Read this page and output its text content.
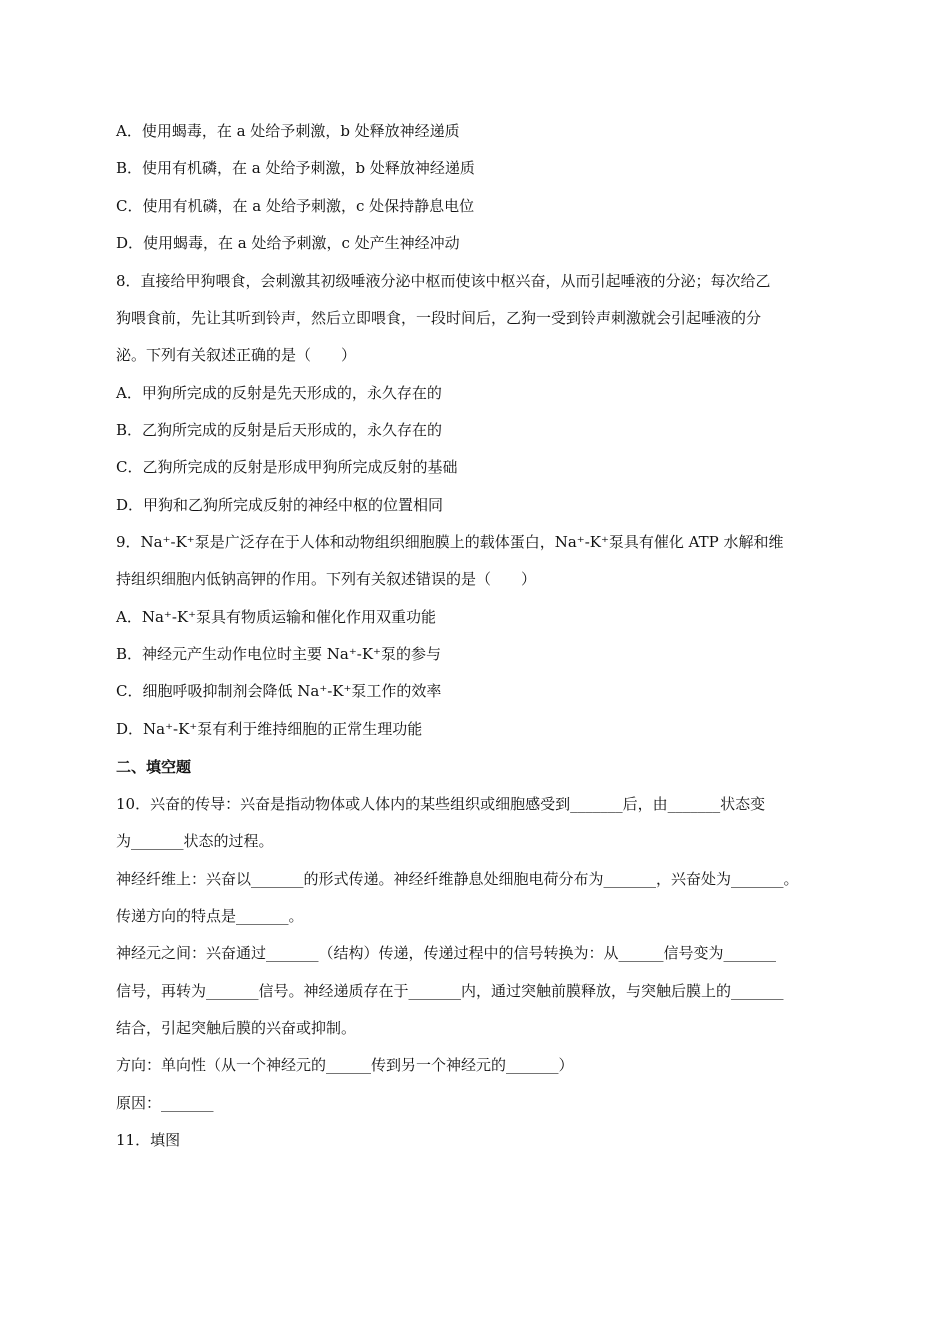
A．使用蝎毒，在 a 处给予刺激，b 处释放神经递质
B．使用有机磷，在 a 处给予刺激，b 处释放神经递质
C．使用有机磷，在 a 处给予刺激，c 处保持静息电位
D．使用蝎毒，在 a 处给予刺激，c 处产生神经冲动
8．直接给甲狗喂食，会刺激其初级唾液分泌中枢而使该中枢兴奋，从而引起唾液的分泌；每次给乙
狗喂食前，先让其听到铃声，然后立即喂食，一段时间后，乙狗一受到铃声刺激就会引起唾液的分
泌。下列有关叙述正确的是（　　）
A．甲狗所完成的反射是先天形成的，永久存在的
B．乙狗所完成的反射是后天形成的，永久存在的
C．乙狗所完成的反射是形成甲狗所完成反射的基础
D．甲狗和乙狗所完成反射的神经中枢的位置相同
9．Na⁺-K⁺泵是广泛存在于人体和动物组织细胞膜上的载体蛋白，Na⁺-K⁺泵具有催化 ATP 水解和维
持组织细胞内低钠高钾的作用。下列有关叙述错误的是（　　）
A．Na⁺-K⁺泵具有物质运输和催化作用双重功能
B．神经元产生动作电位时主要 Na⁺-K⁺泵的参与
C．细胞呼吸抑制剂会降低 Na⁺-K⁺泵工作的效率
D．Na⁺-K⁺泵有利于维持细胞的正常生理功能
二、填空题
10．兴奋的传导：兴奋是指动物体或人体内的某些组织或细胞感受到_______后，由_______状态变
为_______状态的过程。
神经纤维上：兴奋以_______的形式传递。神经纤维静息处细胞电荷分布为_______，兴奋处为_______。
传递方向的特点是_______。
神经元之间：兴奋通过_______（结构）传递，传递过程中的信号转换为：从______信号变为_______
信号，再转为_______信号。神经递质存在于_______内，通过突触前膜释放，与突触后膜上的_______
结合，引起突触后膜的兴奋或抑制。
方向：单向性（从一个神经元的______传到另一个神经元的_______）
原因：_______
11．填图
